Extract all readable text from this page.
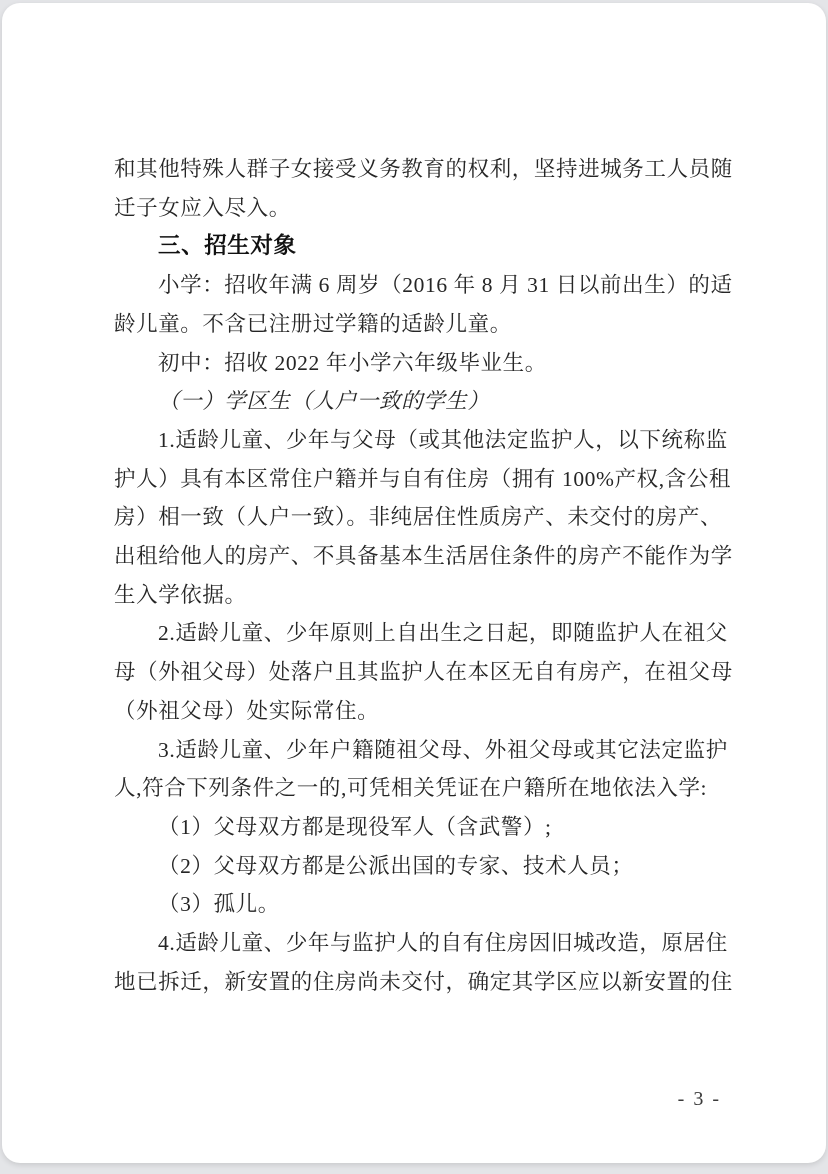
和其他特殊人群子女接受义务教育的权利，坚持进城务工人员随
迁子女应入尽入。
三、招生对象
小学：招收年满 6 周岁（2016 年 8 月 31 日以前出生）的适
龄儿童。不含已注册过学籍的适龄儿童。
初中：招收 2022 年小学六年级毕业生。
（一）学区生（人户一致的学生）
1.适龄儿童、少年与父母（或其他法定监护人，以下统称监
护人）具有本区常住户籍并与自有住房（拥有 100%产权,含公租
房）相一致（人户一致）。非纯居住性质房产、未交付的房产、
出租给他人的房产、不具备基本生活居住条件的房产不能作为学
生入学依据。
2.适龄儿童、少年原则上自出生之日起，即随监护人在祖父
母（外祖父母）处落户且其监护人在本区无自有房产，在祖父母
（外祖父母）处实际常住。
3.适龄儿童、少年户籍随祖父母、外祖父母或其它法定监护
人,符合下列条件之一的,可凭相关凭证在户籍所在地依法入学:
（1）父母双方都是现役军人（含武警）;
（2）父母双方都是公派出国的专家、技术人员；
（3）孤儿。
4.适龄儿童、少年与监护人的自有住房因旧城改造，原居住
地已拆迁，新安置的住房尚未交付，确定其学区应以新安置的住
- 3 -
